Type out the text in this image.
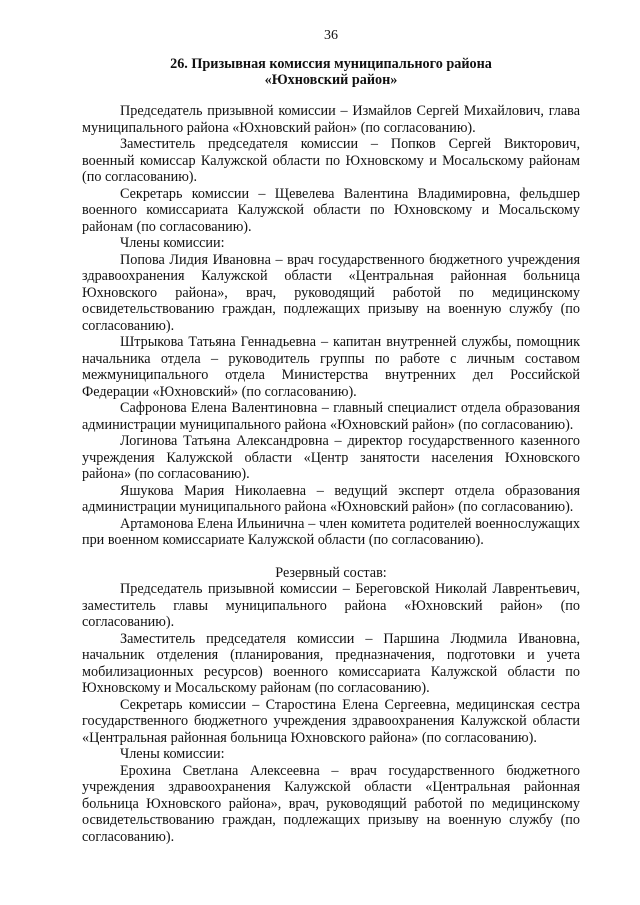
36
26. Призывная комиссия муниципального района
«Юхновский район»

Председатель призывной комиссии – Измайлов Сергей Михайлович, глава муниципального района «Юхновский район» (по согласованию).

Заместитель председателя комиссии – Попков Сергей Викторович, военный комиссар Калужской области по Юхновскому и Мосальскому районам (по согласованию).

Секретарь комиссии – Щевелева Валентина Владимировна, фельдшер военного комиссариата Калужской области по Юхновскому и Мосальскому районам (по согласованию).

Члены комиссии:

Попова Лидия Ивановна – врач государственного бюджетного учреждения здравоохранения Калужской области «Центральная районная больница Юхновского района», врач, руководящий работой по медицинскому освидетельствованию граждан, подлежащих призыву на военную службу (по согласованию).

Штрыкова Татьяна Геннадьевна – капитан внутренней службы, помощник начальника отдела – руководитель группы по работе с личным составом межмуниципального отдела Министерства внутренних дел Российской Федерации «Юхновский» (по согласованию).

Сафронова Елена Валентиновна – главный специалист отдела образования администрации муниципального района «Юхновский район» (по согласованию).

Логинова Татьяна Александровна – директор государственного казенного учреждения Калужской области «Центр занятости населения Юхновского района» (по согласованию).

Яшукова Мария Николаевна – ведущий эксперт отдела образования администрации муниципального района «Юхновский район» (по согласованию).

Артамонова Елена Ильинична – член комитета родителей военнослужащих при военном комиссариате Калужской области (по согласованию).

Резервный состав:

Председатель призывной комиссии – Береговской Николай Лаврентьевич, заместитель главы муниципального района «Юхновский район» (по согласованию).

Заместитель председателя комиссии – Паршина Людмила Ивановна, начальник отделения (планирования, предназначения, подготовки и учета мобилизационных ресурсов) военного комиссариата Калужской области по Юхновскому и Мосальскому районам (по согласованию).

Секретарь комиссии – Старостина Елена Сергеевна, медицинская сестра государственного бюджетного учреждения здравоохранения Калужской области «Центральная районная больница Юхновского района» (по согласованию).

Члены комиссии:

Ерохина Светлана Алексеевна – врач государственного бюджетного учреждения здравоохранения Калужской области «Центральная районная больница Юхновского района», врач, руководящий работой по медицинскому освидетельствованию граждан, подлежащих призыву на военную службу (по согласованию).
